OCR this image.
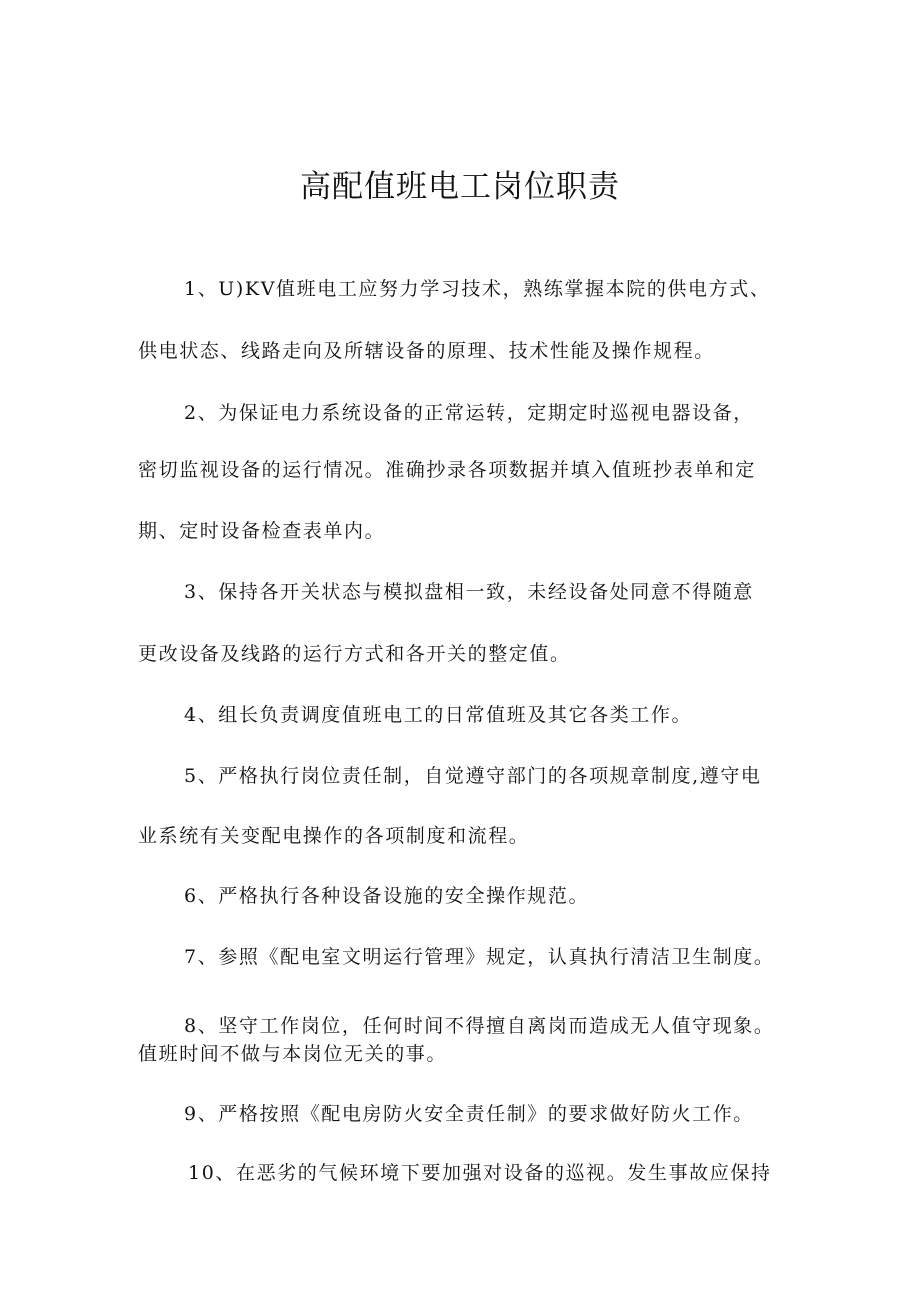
高配值班电工岗位职责

1、U)KV值班电工应努力学习技术，熟练掌握本院的供电方式、

供电状态、线路走向及所辖设备的原理、技术性能及操作规程。

2、为保证电力系统设备的正常运转，定期定时巡视电器设备，

密切监视设备的运行情况。准确抄录各项数据并填入值班抄表单和定

期、定时设备检查表单内。

3、保持各开关状态与模拟盘相一致，未经设备处同意不得随意

更改设备及线路的运行方式和各开关的整定值。

4、组长负责调度值班电工的日常值班及其它各类工作。

5、严格执行岗位责任制，自觉遵守部门的各项规章制度,遵守电

业系统有关变配电操作的各项制度和流程。

6、严格执行各种设备设施的安全操作规范。

7、参照《配电室文明运行管理》规定，认真执行清洁卫生制度。

8、坚守工作岗位，任何时间不得擅自离岗而造成无人值守现象。

值班时间不做与本岗位无关的事。

9、严格按照《配电房防火安全责任制》的要求做好防火工作。

10、在恶劣的气候环境下要加强对设备的巡视。发生事故应保持
